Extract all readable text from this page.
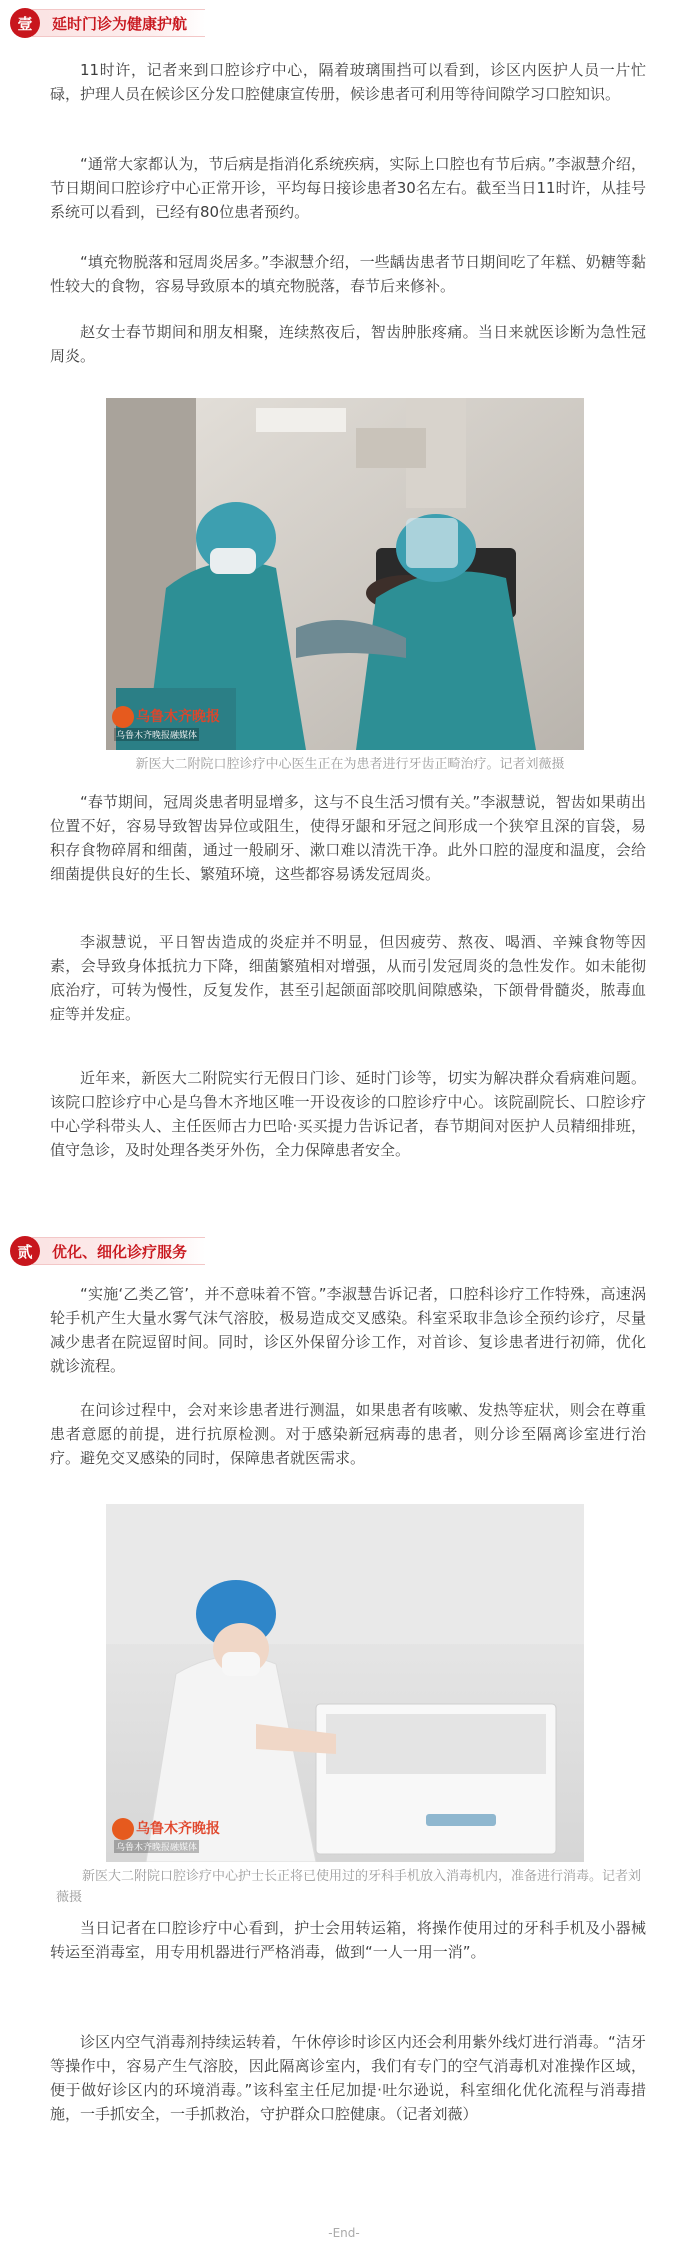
壹	延时门诊为健康护航

11时许，记者来到口腔诊疗中心，隔着玻璃围挡可以看到，诊区内医护人员一片忙碌，护理人员在候诊区分发口腔健康宣传册，候诊患者可利用等待间隙学习口腔知识。

“通常大家都认为，节后病是指消化系统疾病，实际上口腔也有节后病。”李淑慧介绍，节日期间口腔诊疗中心正常开诊，平均每日接诊患者30名左右。截至当日11时许，从挂号系统可以看到，已经有80位患者预约。

“填充物脱落和冠周炎居多。”李淑慧介绍，一些龋齿患者节日期间吃了年糕、奶糖等黏性较大的食物，容易导致原本的填充物脱落，春节后来修补。

赵女士春节期间和朋友相聚，连续熬夜后，智齿肿胀疼痛。当日来就医诊断为急性冠周炎。

乌鲁木齐晚报
乌鲁木齐晚报融媒体

新医大二附院口腔诊疗中心医生正在为患者进行牙齿正畸治疗。记者刘薇摄

“春节期间，冠周炎患者明显增多，这与不良生活习惯有关。”李淑慧说，智齿如果萌出位置不好，容易导致智齿异位或阻生，使得牙龈和牙冠之间形成一个狭窄且深的盲袋，易积存食物碎屑和细菌，通过一般刷牙、漱口难以清洗干净。此外口腔的湿度和温度，会给细菌提供良好的生长、繁殖环境，这些都容易诱发冠周炎。

李淑慧说，平日智齿造成的炎症并不明显，但因疲劳、熬夜、喝酒、辛辣食物等因素，会导致身体抵抗力下降，细菌繁殖相对增强，从而引发冠周炎的急性发作。如未能彻底治疗，可转为慢性，反复发作，甚至引起颌面部咬肌间隙感染，下颌骨骨髓炎，脓毒血症等并发症。

近年来，新医大二附院实行无假日门诊、延时门诊等，切实为解决群众看病难问题。该院口腔诊疗中心是乌鲁木齐地区唯一开设夜诊的口腔诊疗中心。该院副院长、口腔诊疗中心学科带头人、主任医师古力巴哈·买买提力告诉记者，春节期间对医护人员精细排班，值守急诊，及时处理各类牙外伤，全力保障患者安全。

贰	优化、细化诊疗服务

“实施‘乙类乙管’，并不意味着不管。”李淑慧告诉记者，口腔科诊疗工作特殊，高速涡轮手机产生大量水雾气沫气溶胶，极易造成交叉感染。科室采取非急诊全预约诊疗，尽量减少患者在院逗留时间。同时，诊区外保留分诊工作，对首诊、复诊患者进行初筛，优化就诊流程。

在问诊过程中，会对来诊患者进行测温，如果患者有咳嗽、发热等症状，则会在尊重患者意愿的前提，进行抗原检测。对于感染新冠病毒的患者，则分诊至隔离诊室进行治疗。避免交叉感染的同时，保障患者就医需求。

乌鲁木齐晚报
乌鲁木齐晚报融媒体

新医大二附院口腔诊疗中心护士长正将已使用过的牙科手机放入消毒机内，准备进行消毒。记者刘薇摄

当日记者在口腔诊疗中心看到，护士会用转运箱，将操作使用过的牙科手机及小器械转运至消毒室，用专用机器进行严格消毒，做到“一人一用一消”。

诊区内空气消毒剂持续运转着，午休停诊时诊区内还会利用紫外线灯进行消毒。“洁牙等操作中，容易产生气溶胶，因此隔离诊室内，我们有专门的空气消毒机对准操作区域，便于做好诊区内的环境消毒。”该科室主任尼加提·吐尔逊说，科室细化优化流程与消毒措施，一手抓安全，一手抓救治，守护群众口腔健康。（记者刘薇）

-End-
